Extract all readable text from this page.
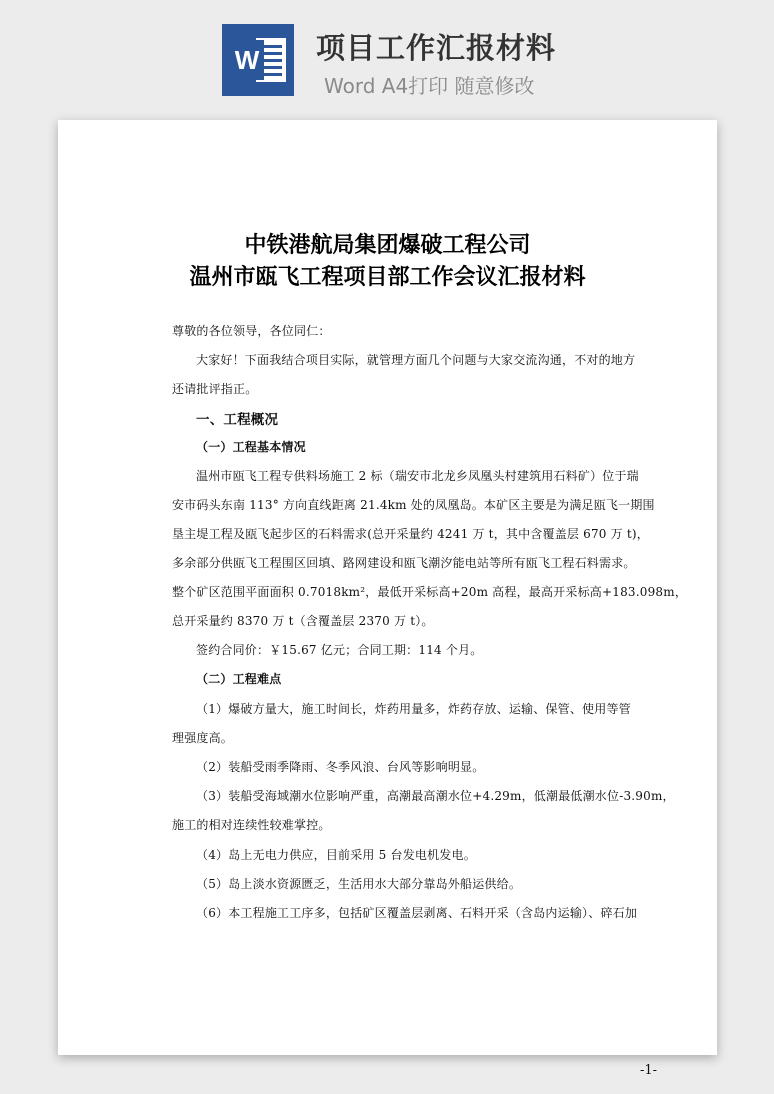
W 项目工作汇报材料
Word A4打印 随意修改

中铁港航局集团爆破工程公司
温州市瓯飞工程项目部工作会议汇报材料
尊敬的各位领导，各位同仁：
大家好！下面我结合项目实际，就管理方面几个问题与大家交流沟通，不对的地方
还请批评指正。
一、工程概况
（一）工程基本情况
温州市瓯飞工程专供料场施工 2 标（瑞安市北龙乡凤凰头村建筑用石料矿）位于瑞
安市码头东南 113° 方向直线距离 21.4km 处的凤凰岛。本矿区主要是为满足瓯飞一期围
垦主堤工程及瓯飞起步区的石料需求(总开采量约 4241 万 t，其中含覆盖层 670 万 t)，
多余部分供瓯飞工程围区回填、路网建设和瓯飞潮汐能电站等所有瓯飞工程石料需求。
整个矿区范围平面面积 0.7018km²，最低开采标高+20m 高程，最高开采标高+183.098m，
总开采量约 8370 万 t（含覆盖层 2370 万 t）。
签约合同价：￥15.67 亿元；合同工期：114 个月。
（二）工程难点
（1）爆破方量大，施工时间长，炸药用量多，炸药存放、运输、保管、使用等管
理强度高。
（2）装船受雨季降雨、冬季风浪、台风等影响明显。
（3）装船受海域潮水位影响严重，高潮最高潮水位+4.29m，低潮最低潮水位-3.90m，
施工的相对连续性较难掌控。
（4）岛上无电力供应，目前采用 5 台发电机发电。
（5）岛上淡水资源匮乏，生活用水大部分靠岛外船运供给。
（6）本工程施工工序多，包括矿区覆盖层剥离、石料开采（含岛内运输）、碎石加
-1-
